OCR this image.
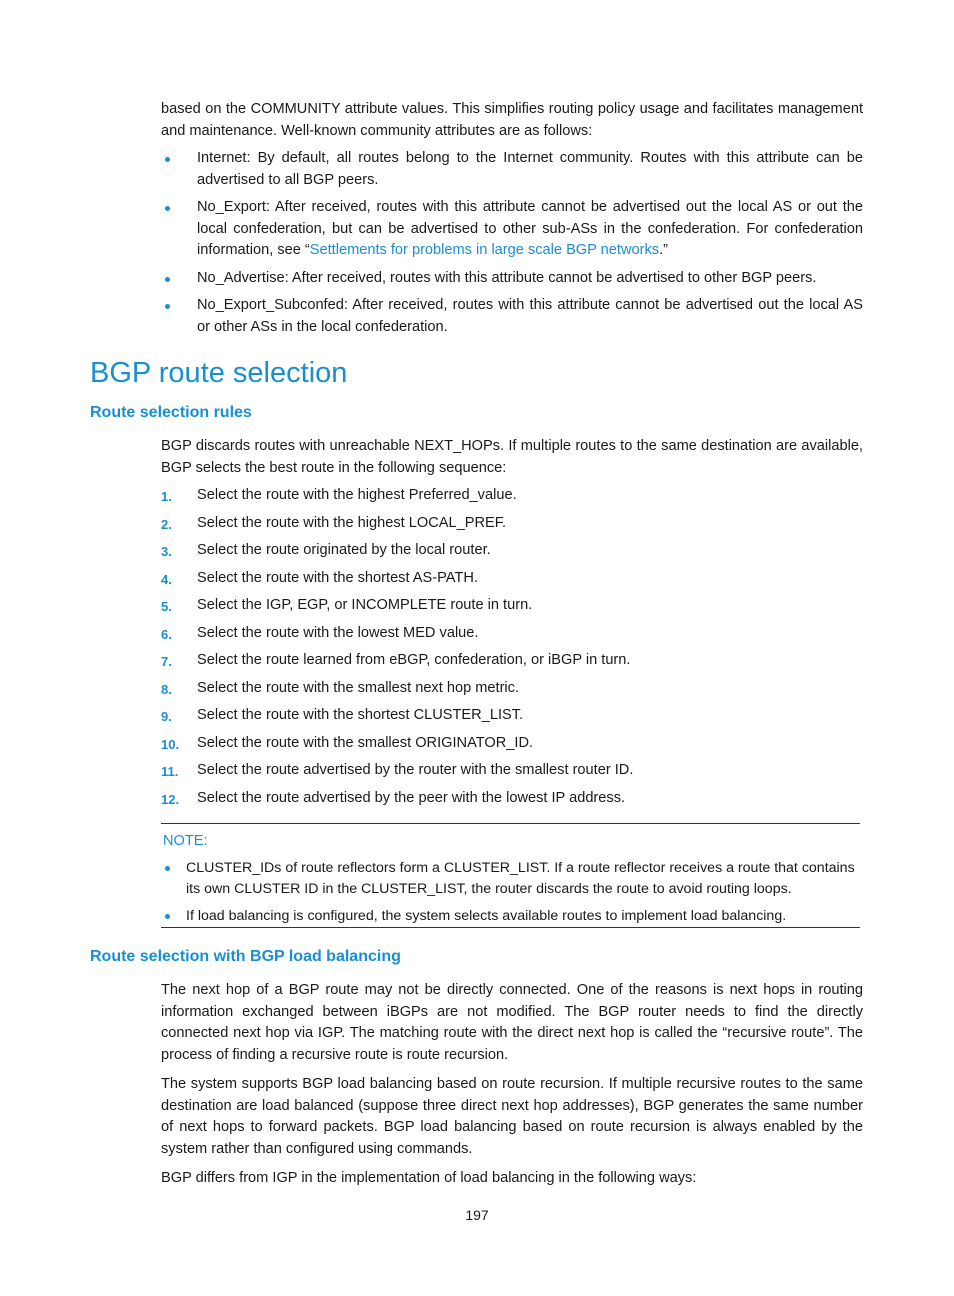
based on the COMMUNITY attribute values. This simplifies routing policy usage and facilitates management and maintenance. Well-known community attributes are as follows:

Internet: By default, all routes belong to the Internet community. Routes with this attribute can be advertised to all BGP peers.
No_Export: After received, routes with this attribute cannot be advertised out the local AS or out the local confederation, but can be advertised to other sub-ASs in the confederation. For confederation information, see “Settlements for problems in large scale BGP networks.”
No_Advertise: After received, routes with this attribute cannot be advertised to other BGP peers.
No_Export_Subconfed: After received, routes with this attribute cannot be advertised out the local AS or other ASs in the local confederation.
BGP route selection
Route selection rules

BGP discards routes with unreachable NEXT_HOPs. If multiple routes to the same destination are available, BGP selects the best route in the following sequence:

1. Select the route with the highest Preferred_value.
2. Select the route with the highest LOCAL_PREF.
3. Select the route originated by the local router.
4. Select the route with the shortest AS-PATH.
5. Select the IGP, EGP, or INCOMPLETE route in turn.
6. Select the route with the lowest MED value.
7. Select the route learned from eBGP, confederation, or iBGP in turn.
8. Select the route with the smallest next hop metric.
9. Select the route with the shortest CLUSTER_LIST.
10. Select the route with the smallest ORIGINATOR_ID.
11. Select the route advertised by the router with the smallest router ID.
12. Select the route advertised by the peer with the lowest IP address.
NOTE:
CLUSTER_IDs of route reflectors form a CLUSTER_LIST. If a route reflector receives a route that contains its own CLUSTER ID in the CLUSTER_LIST, the router discards the route to avoid routing loops.
If load balancing is configured, the system selects available routes to implement load balancing.
Route selection with BGP load balancing

The next hop of a BGP route may not be directly connected. One of the reasons is next hops in routing information exchanged between iBGPs are not modified. The BGP router needs to find the directly connected next hop via IGP. The matching route with the direct next hop is called the “recursive route”. The process of finding a recursive route is route recursion.

The system supports BGP load balancing based on route recursion. If multiple recursive routes to the same destination are load balanced (suppose three direct next hop addresses), BGP generates the same number of next hops to forward packets. BGP load balancing based on route recursion is always enabled by the system rather than configured using commands.

BGP differs from IGP in the implementation of load balancing in the following ways:

197
